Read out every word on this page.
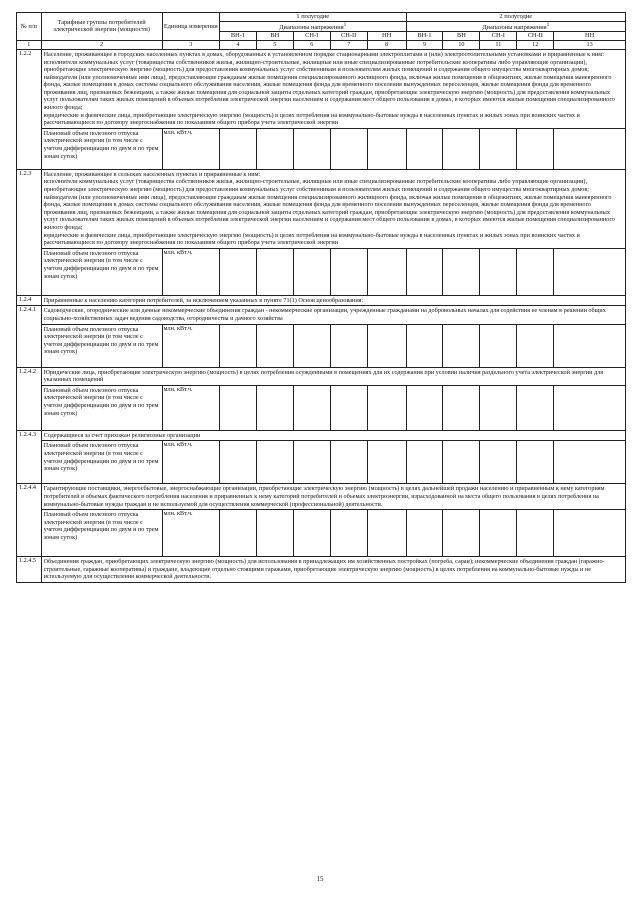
№ п/п	Тарифные группы потребителей электрической энергии (мощности)	Единица измерения	1 полугодие					2 полугодие				
			Диапазоны напряжения$^1$					Диапазоны напряжения$^1$
			ВН-1	ВН	СН-I	СН-II	НН	ВН-1	ВН	СН-I	СН-II	НН
1	2	3	4	5	6	7	8	9	10	11	12	13
1.2.2	Население, проживающее в городских населенных пунктах в домах, оборудованных в установленном порядке стационарными электроплитами и (или) электроотопительными установками и приравненные к ним:

исполнители коммунальных услуг (товарищества собственников жилья, жилищно-строительные, жилищные или иные специализированные потребительские кооперативы либо управляющие организации), приобретающие электрическую энергию (мощность) для предоставления коммунальных услуг собственникам и пользователям жилых помещений и содержания общего имущества многоквартирных домов; наймодатели (или уполномоченные ими лица), предоставляющие гражданам жилые помещения специализированного жилищного фонда, включая жилые помещения в общежитиях, жилые помещения маневренного фонда, жилые помещения в домах системы социального обслуживания населения, жилые помещения фонда для временного поселения вынужденных переселенцев, жилые помещения фонда для временного проживания лиц, признанных беженцами, а также жилые помещения для социальной защиты отдельных категорий граждан, приобретающие электрическую энергию (мощность) для предоставления коммунальных услуг пользователям таких жилых помещений в объемах потребления электрической энергии населением и содержания мест общего пользования в домах, в которых имеются жилые помещения специализированного жилого фонда;

юридические и физические лица, приобретающие электрическую энергию (мощность) в целях потребления на коммунально-бытовые нужды в населенных пунктах и жилых зонах при воинских частях и рассчитывающиеся по договору энергоснабжения по показаниям общего прибора учета электрической энергии											

	Плановый объем полезного отпуска электрической энергии (в том числе с учетом дифференциации по двум и по трем зонам суток)	млн. кВт.ч.										
1.2.3	Население, проживающее в сельских населенных пунктах и приравненные к ним:

исполнители коммунальных услуг (товарищества собственников жилья, жилищно-строительные, жилищные или иные специализированные потребительские кооперативы либо управляющие организации), приобретающие электрическую энергию (мощность) для предоставления коммунальных услуг собственникам и пользователям жилых помещений и содержания общего имущества многоквартирных домов; наймодатели (или уполномоченные ими лица), предоставляющие гражданам жилые помещения специализированного жилищного фонда, включая жилые помещения в общежитиях, жилые помещения маневренного фонда, жилые помещения в домах системы социального обслуживания населения, жилые помещения фонда для временного поселения вынужденных переселенцев, жилые помещения фонда для временного проживания лиц, признанных беженцами, а также жилые помещения для социальной защиты отдельных категорий граждан, приобретающие электрическую энергию (мощность) для предоставления коммунальных услуг пользователям таких жилых помещений в объемах потребления электрической энергии населением и содержания мест общего пользования в домах, в которых имеются жилые помещения специализированного жилого фонда;

юридические и физические лица, приобретающие электрическую энергию (мощность) в целях потребления на коммунально-бытовые нужды в населенных пунктах и жилых зонах при воинских частях и рассчитывающиеся по договору энергоснабжения по показаниям общего прибора учета электрической энергии											

	Плановый объем полезного отпуска электрической энергии (в том числе с учетом дифференциации по двум и по трем зонам суток)	млн. кВт.ч.										
1.2.4	Приравненные к населению категории потребителей, за исключением указанных в пункте 71(1) Основ ценообразования:											

1.2.4.1	Садоводческие, огороднические или дачные некоммерческие объединения граждан - некоммерческие организации, учрежденные гражданами на добровольных началах для содействия ее членам в решении общих социально-хозяйственных задач ведения садоводства, огородничества и дачного хозяйства											

	Плановый объем полезного отпуска электрической энергии (в том числе с учетом дифференциации по двум и по трем зонам суток)	млн. кВт.ч.										
1.2.4.2	Юридические лица, приобретающие электрическую энергию (мощность) в целях потребления осужденными в помещениях для их содержания при условии наличия раздельного учета электрической энергии для указанных помещений											

	Плановый объем полезного отпуска электрической энергии (в том числе с учетом дифференциации по двум и по трем зонам суток)	млн. кВт.ч.										
1.2.4.3	Содержащиеся за счет прихожан религиозные организации											

	Плановый объем полезного отпуска электрической энергии (в том числе с учетом дифференциации по двум и по трем зонам суток)	млн. кВт.ч.										
1.2.4.4	Гарантирующие поставщики, энергосбытовые, энергоснабжающие организации, приобретающие электрическую энергию (мощность) в целях дальнейшей продажи населению и приравненным к нему категориям потребителей в объемах фактического потребления населения и приравненных к нему категорий потребителей и объемах электроэнергии, израсходованной на места общего пользования в целях потребления на коммунально-бытовые нужды граждан и не используемой для осуществления коммерческой (профессиональной) деятельности.											

	Плановый объем полезного отпуска электрической энергии (в том числе с учетом дифференциации по двум и по трем зонам суток)	млн. кВт.ч.										
1.2.4.5	Объединения граждан, приобретающих электрическую энергию (мощность) для использования в принадлежащих им хозяйственных постройках (погреба, сараи); некоммерческие объединения граждан (гаражно-строительные, гаражные кооперативы) и граждане, владеющие отдельно стоящими гаражами, приобретающие электрическую энергию (мощность) в целях потребления на коммунально-бытовые нужды и не используемую для осуществления коммерческой деятельности.											

15
